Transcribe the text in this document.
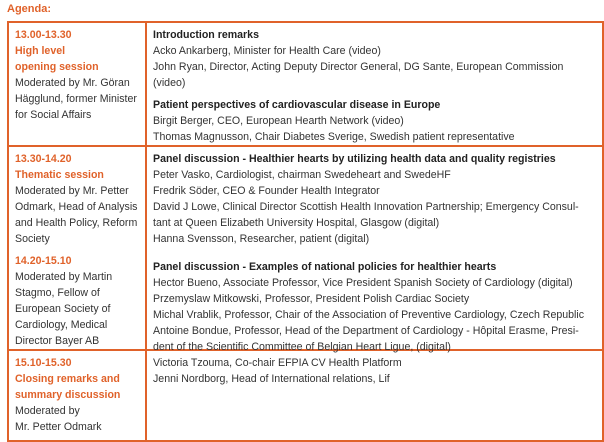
Agenda:
13.00-13.30
High level
opening session
Moderated by Mr. Göran
Hägglund, former Minister
for Social Affairs
Introduction remarks
Acko Ankarberg, Minister for Health Care (video)
John Ryan, Director, Acting Deputy Director General, DG Sante, European Commission
(video)
Patient perspectives of cardiovascular disease in Europe
Birgit Berger, CEO, European Hearth Network (video)
Thomas Magnusson, Chair Diabetes Sverige, Swedish patient representative
13.30-14.20
Thematic session
Moderated by Mr. Petter
Odmark, Head of Analysis
and Health Policy, Reform
Society
14.20-15.10
Moderated by Martin
Stagmo, Fellow of
European Society of
Cardiology, Medical
Director Bayer AB
Panel discussion - Healthier hearts by utilizing health data and quality registries
Peter Vasko, Cardiologist, chairman Swedeheart and SwedeHF
Fredrik Söder, CEO & Founder Health Integrator
David J Lowe, Clinical Director Scottish Health Innovation Partnership; Emergency Consul-
tant at Queen Elizabeth University Hospital, Glasgow (digital)
Hanna Svensson, Researcher, patient (digital)
Panel discussion - Examples of national policies for healthier hearts
Hector Bueno, Associate Professor, Vice President Spanish Society of Cardiology (digital)
Przemyslaw Mitkowski, Professor, President Polish Cardiac Society
Michal Vrablik, Professor, Chair of the Association of Preventive Cardiology, Czech Republic
Antoine Bondue, Professor, Head of the Department of Cardiology - Hôpital Erasme, Presi-
dent of the Scientific Committee of Belgian Heart Ligue, (digital)
15.10-15.30
Closing remarks and
summary discussion
Moderated by
Mr. Petter Odmark
Victoria Tzouma, Co-chair EFPIA CV Health Platform
Jenni Nordborg, Head of International relations, Lif
